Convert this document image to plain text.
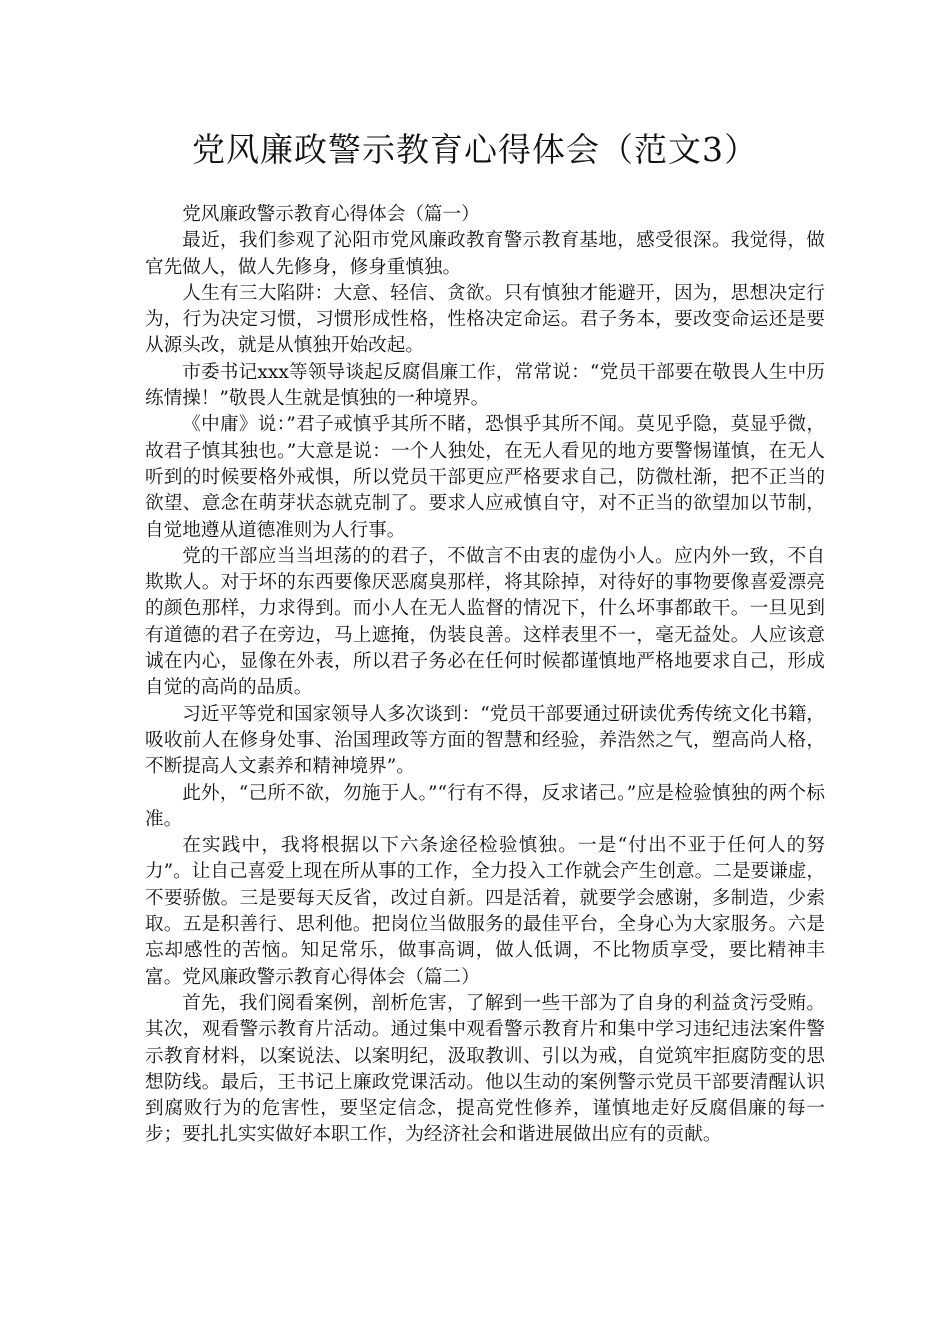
党风廉政警示教育心得体会（范文3）

党风廉政警示教育心得体会（篇一）

最近，我们参观了沁阳市党风廉政教育警示教育基地，感受很深。我觉得，做官先做人，做人先修身，修身重慎独。

人生有三大陷阱：大意、轻信、贪欲。只有慎独才能避开，因为，思想决定行为，行为决定习惯，习惯形成性格，性格决定命运。君子务本，要改变命运还是要从源头改，就是从慎独开始改起。

市委书记xxx等领导谈起反腐倡廉工作，常常说：“党员干部要在敬畏人生中历练情操！”敬畏人生就是慎独的一种境界。

《中庸》说：”君子戒慎乎其所不睹，恐惧乎其所不闻。莫见乎隐，莫显乎微，故君子慎其独也。”大意是说：一个人独处，在无人看见的地方要警惕谨慎，在无人听到的时候要格外戒惧，所以党员干部更应严格要求自己，防微杜渐，把不正当的欲望、意念在萌芽状态就克制了。要求人应戒慎自守，对不正当的欲望加以节制，自觉地遵从道德准则为人行事。

党的干部应当当坦荡的的君子，不做言不由衷的虚伪小人。应内外一致，不自欺欺人。对于坏的东西要像厌恶腐臭那样，将其除掉，对待好的事物要像喜爱漂亮的颜色那样，力求得到。而小人在无人监督的情况下，什么坏事都敢干。一旦见到有道德的君子在旁边，马上遮掩，伪装良善。这样表里不一，毫无益处。人应该意诚在内心，显像在外表，所以君子务必在任何时候都谨慎地严格地要求自己，形成自觉的高尚的品质。

习近平等党和国家领导人多次谈到：“党员干部要通过研读优秀传统文化书籍，吸收前人在修身处事、治国理政等方面的智慧和经验，养浩然之气，塑高尚人格，不断提高人文素养和精神境界”。

此外，“己所不欲，勿施于人。”“行有不得，反求诸己。”应是检验慎独的两个标准。

在实践中，我将根据以下六条途径检验慎独。一是“付出不亚于任何人的努力”。让自己喜爱上现在所从事的工作，全力投入工作就会产生创意。二是要谦虚，不要骄傲。三是要每天反省，改过自新。四是活着，就要学会感谢，多制造，少索取。五是积善行、思利他。把岗位当做服务的最佳平台，全身心为大家服务。六是忘却感性的苦恼。知足常乐，做事高调，做人低调，不比物质享受，要比精神丰富。党风廉政警示教育心得体会（篇二）

首先，我们阅看案例，剖析危害，了解到一些干部为了自身的利益贪污受贿。其次，观看警示教育片活动。通过集中观看警示教育片和集中学习违纪违法案件警示教育材料，以案说法、以案明纪，汲取教训、引以为戒，自觉筑牢拒腐防变的思想防线。最后，王书记上廉政党课活动。他以生动的案例警示党员干部要清醒认识到腐败行为的危害性，要坚定信念，提高党性修养，谨慎地走好反腐倡廉的每一步；要扎扎实实做好本职工作，为经济社会和谐进展做出应有的贡献。
